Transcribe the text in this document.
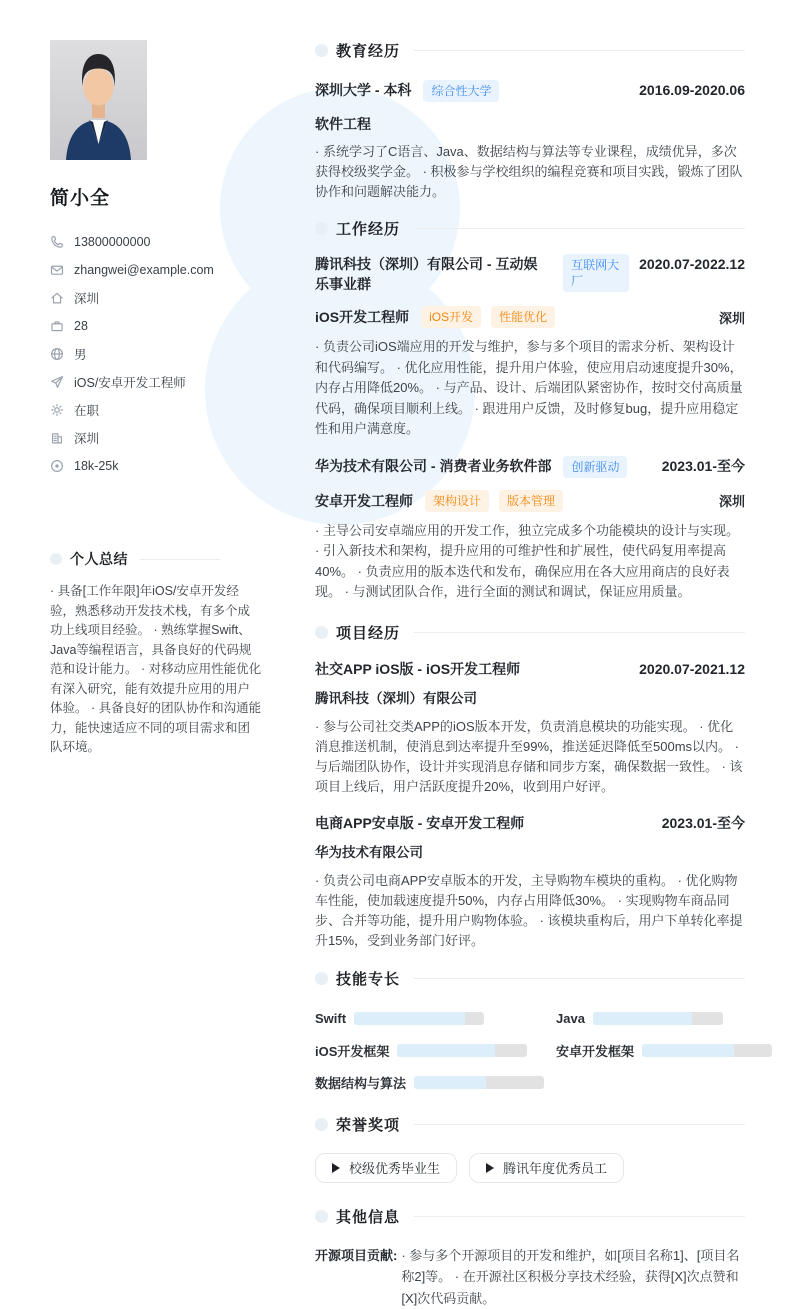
简小全
13800000000
zhangwei@example.com
深圳
28
男
iOS/安卓开发工程师
在职
深圳
18k-25k
个人总结

· 具备[工作年限]年iOS/安卓开发经验，熟悉移动开发技术栈，有多个成功上线项目经验。 · 熟练掌握Swift、Java等编程语言，具备良好的代码规范和设计能力。 · 对移动应用性能优化有深入研究，能有效提升应用的用户体验。 · 具备良好的团队协作和沟通能力，能快速适应不同的项目需求和团队环境。

教育经历
深圳大学 - 本科	综合性大学	2016.09-2020.06
软件工程

· 系统学习了C语言、Java、数据结构与算法等专业课程，成绩优异，多次获得校级奖学金。 · 积极参与学校组织的编程竞赛和项目实践，锻炼了团队协作和问题解决能力。

工作经历
腾讯科技（深圳）有限公司 - 互动娱乐事业群
互联网大厂
2020.07-2022.12
iOS开发工程师	iOS开发	性能优化	深圳

· 负责公司iOS端应用的开发与维护，参与多个项目的需求分析、架构设计和代码编写。 · 优化应用性能，提升用户体验，使应用启动速度提升30%，内存占用降低20%。 · 与产品、设计、后端团队紧密协作，按时交付高质量代码，确保项目顺利上线。 · 跟进用户反馈，及时修复bug，提升应用稳定性和用户满意度。

华为技术有限公司 - 消费者业务软件部	创新驱动	2023.01-至今
安卓开发工程师	架构设计	版本管理	深圳

· 主导公司安卓端应用的开发工作，独立完成多个功能模块的设计与实现。 · 引入新技术和架构，提升应用的可维护性和扩展性，使代码复用率提高40%。 · 负责应用的版本迭代和发布，确保应用在各大应用商店的良好表现。 · 与测试团队合作，进行全面的测试和调试，保证应用质量。

项目经历
社交APP iOS版 - iOS开发工程师	2020.07-2021.12
腾讯科技（深圳）有限公司

· 参与公司社交类APP的iOS版本开发，负责消息模块的功能实现。 · 优化消息推送机制，使消息到达率提升至99%，推送延迟降低至500ms以内。 · 与后端团队协作，设计并实现消息存储和同步方案，确保数据一致性。 · 该项目上线后，用户活跃度提升20%，收到用户好评。

电商APP安卓版 - 安卓开发工程师	2023.01-至今
华为技术有限公司

· 负责公司电商APP安卓版本的开发，主导购物车模块的重构。 · 优化购物车性能，使加载速度提升50%，内存占用降低30%。 · 实现购物车商品同步、合并等功能，提升用户购物体验。 · 该模块重构后，用户下单转化率提升15%，受到业务部门好评。

技能专长
Swift	Java
iOS开发框架	安卓开发框架
数据结构与算法
荣誉奖项
校级优秀毕业生	腾讯年度优秀员工
其他信息
开源项目贡献: · 参与多个开源项目的开发和维护，如[项目名称1]、[项目名称2]等。 · 在开源社区积极分享技术经验，获得[X]次点赞和[X]次代码贡献。
